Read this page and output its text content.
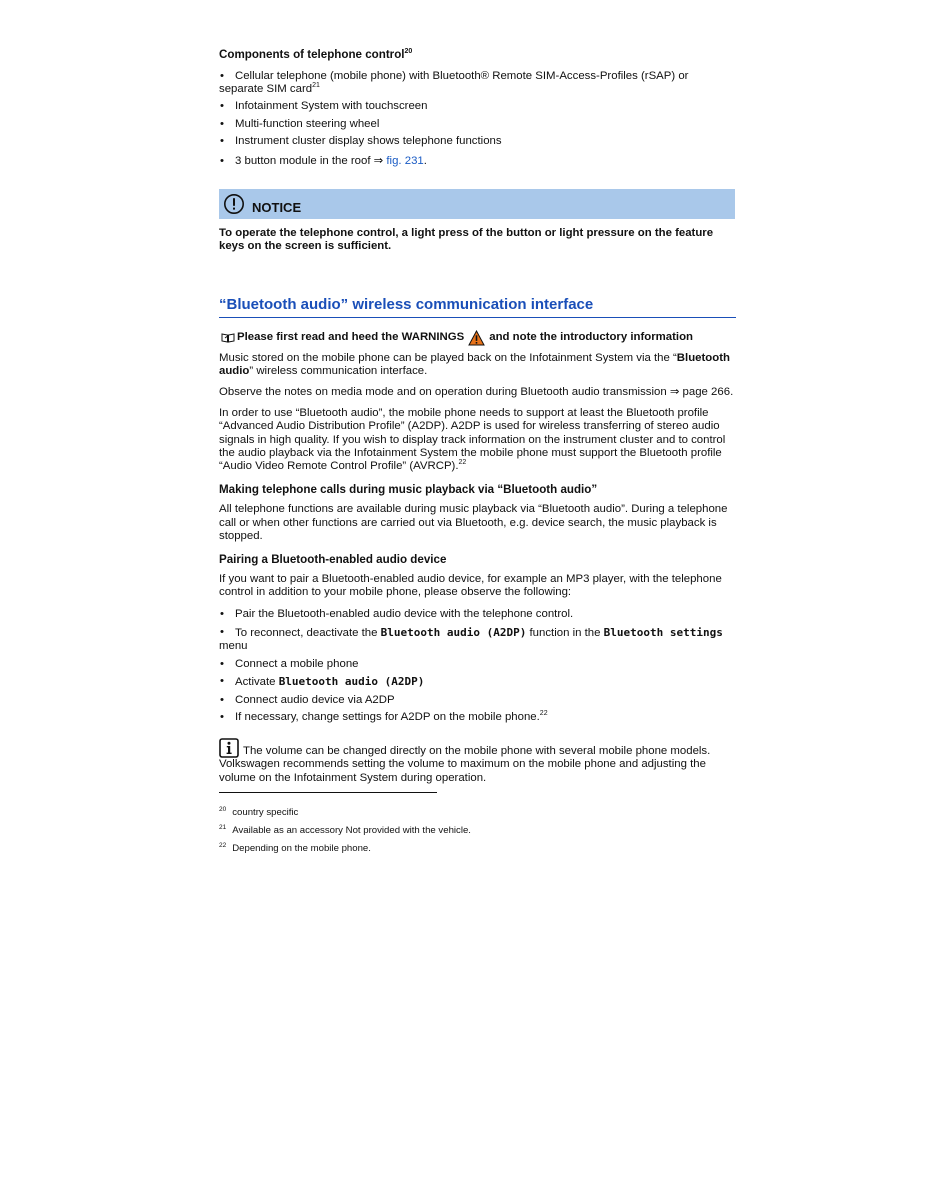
Components of telephone control$^{20}$
• Cellular telephone (mobile phone) with Bluetooth® Remote SIM-Access-Profiles (rSAP) or separate SIM card$^{21}$
• Infotainment System with touchscreen
• Multi-function steering wheel
• Instrument cluster display shows telephone functions
• 3 button module in the roof ⇒ fig. 231.
NOTICE
To operate the telephone control, a light press of the button or light pressure on the feature keys on the screen is sufficient.
“Bluetooth audio” wireless communication interface
Please first read and heed the WARNINGS and note the introductory information

Music stored on the mobile phone can be played back on the Infotainment System via the “Bluetooth audio” wireless communication interface.

Observe the notes on media mode and on operation during Bluetooth audio transmission ⇒ page 266.

In order to use “Bluetooth audio”, the mobile phone needs to support at least the Bluetooth profile “Advanced Audio Distribution Profile” (A2DP). A2DP is used for wireless transferring of stereo audio signals in high quality. If you wish to display track information on the instrument cluster and to control the audio playback via the Infotainment System the mobile phone must support the Bluetooth profile “Audio Video Remote Control Profile” (AVRCP).$^{22}$

Making telephone calls during music playback via “Bluetooth audio”

All telephone functions are available during music playback via “Bluetooth audio”. During a telephone call or when other functions are carried out via Bluetooth, e.g. device search, the music playback is stopped.

Pairing a Bluetooth-enabled audio device

If you want to pair a Bluetooth-enabled audio device, for example an MP3 player, with the telephone control in addition to your mobile phone, please observe the following:

• Pair the Bluetooth-enabled audio device with the telephone control.
• To reconnect, deactivate the Bluetooth audio (A2DP) function in the Bluetooth settings menu
• Connect a mobile phone
• Activate Bluetooth audio (A2DP)
• Connect audio device via A2DP
• If necessary, change settings for A2DP on the mobile phone.$^{22}$
The volume can be changed directly on the mobile phone with several mobile phone models. Volkswagen recommends setting the volume to maximum on the mobile phone and adjusting the volume on the Infotainment System during operation.
$^{20}$ country specific
$^{21}$ Available as an accessory Not provided with the vehicle.
$^{22}$ Depending on the mobile phone.
